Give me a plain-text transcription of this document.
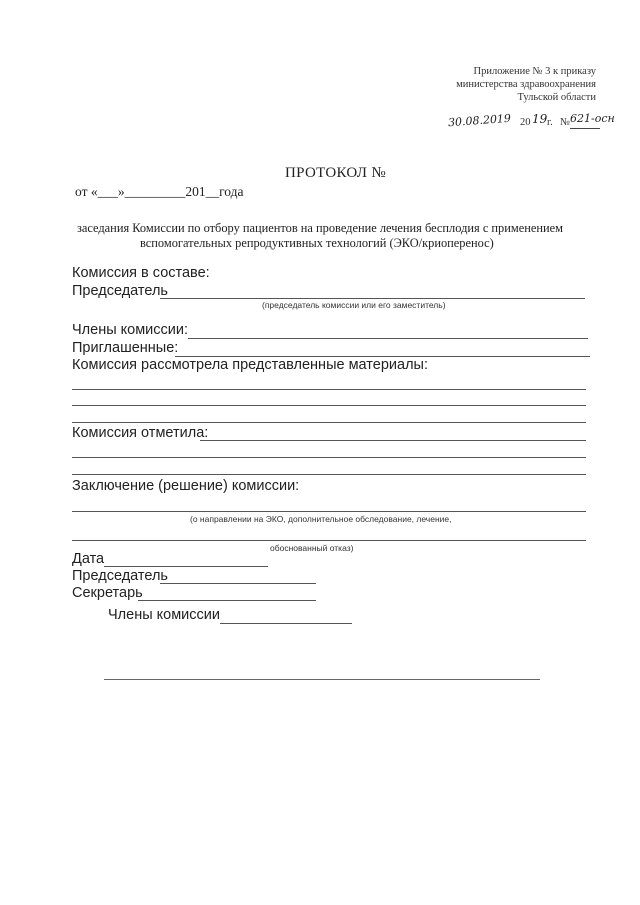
Приложение № 3 к приказу
министерства здравоохранения
Тульской области
30.08.2019 20 19 г. № 621-осн
ПРОТОКОЛ №
от «___»_________201__года
заседания Комиссии по отбору пациентов на проведение лечения бесплодия с применением
вспомогательных репродуктивных технологий (ЭКО/криоперенос)
Комиссия в составе:
Председатель
(председатель комиссии или его заместитель)
Члены комиссии:
Приглашенные:
Комиссия рассмотрела представленные материалы:
Комиссия отметила:
Заключение (решение) комиссии:
(о направлении на ЭКО, дополнительное обследование, лечение,
обоснованный отказ)
Дата
Председатель
Секретарь
Члены комиссии
